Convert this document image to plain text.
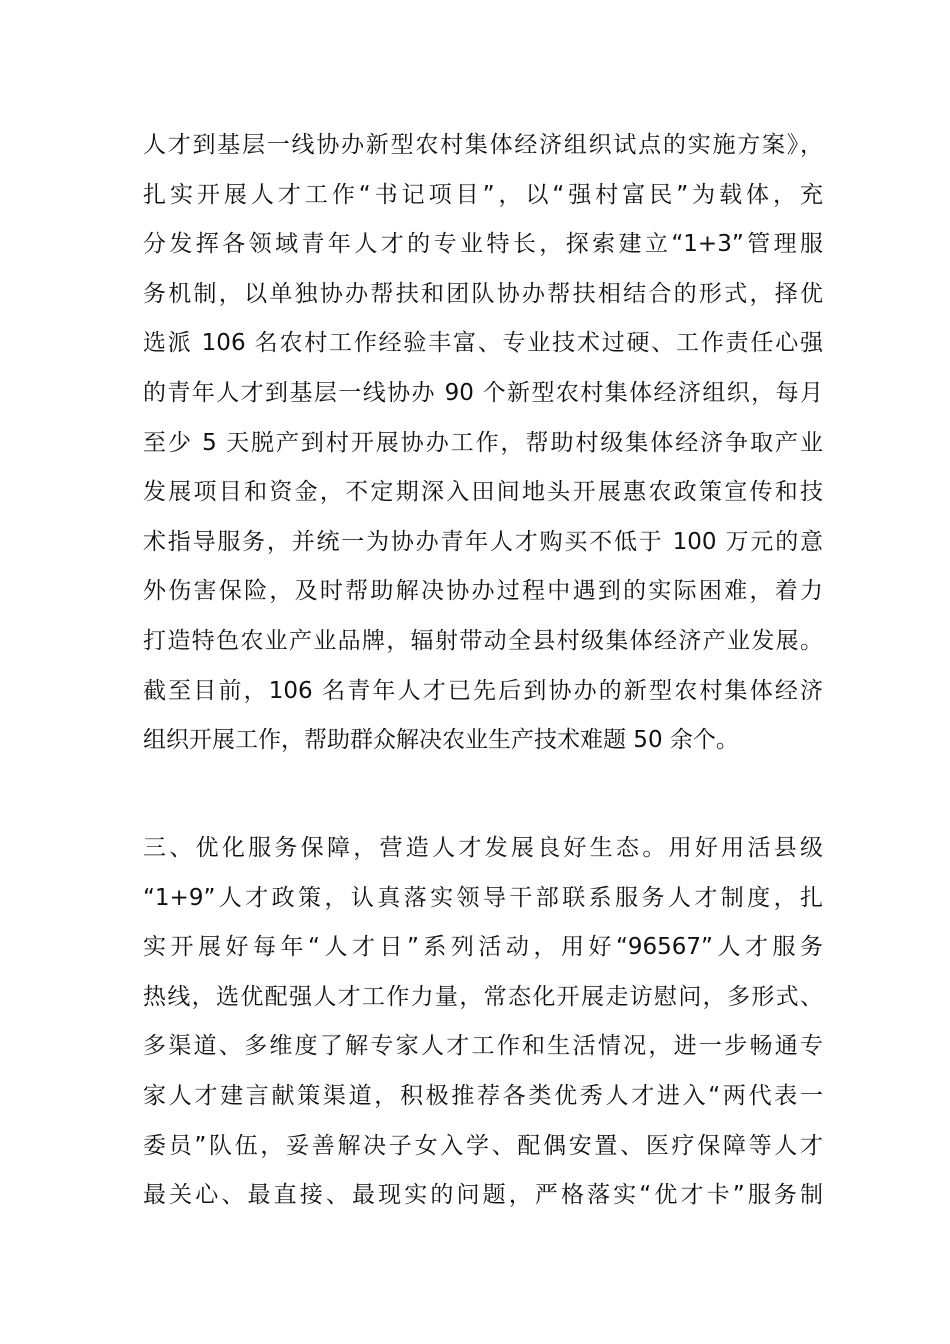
人才到基层一线协办新型农村集体经济组织试点的实施方案》，
扎实开展人才工作“书记项目”，以“强村富民”为载体，充
分发挥各领域青年人才的专业特长，探索建立“1+3”管理服
务机制，以单独协办帮扶和团队协办帮扶相结合的形式，择优
选派 106 名农村工作经验丰富、专业技术过硬、工作责任心强
的青年人才到基层一线协办 90 个新型农村集体经济组织，每月
至少 5 天脱产到村开展协办工作，帮助村级集体经济争取产业
发展项目和资金，不定期深入田间地头开展惠农政策宣传和技
术指导服务，并统一为协办青年人才购买不低于 100 万元的意
外伤害保险，及时帮助解决协办过程中遇到的实际困难，着力
打造特色农业产业品牌，辐射带动全县村级集体经济产业发展。
截至目前，106 名青年人才已先后到协办的新型农村集体经济
组织开展工作，帮助群众解决农业生产技术难题 50 余个。
三、优化服务保障，营造人才发展良好生态。用好用活县级
“1+9”人才政策，认真落实领导干部联系服务人才制度，扎
实开展好每年“人才日”系列活动，用好“96567”人才服务
热线，选优配强人才工作力量，常态化开展走访慰问，多形式、
多渠道、多维度了解专家人才工作和生活情况，进一步畅通专
家人才建言献策渠道，积极推荐各类优秀人才进入“两代表一
委员”队伍，妥善解决子女入学、配偶安置、医疗保障等人才
最关心、最直接、最现实的问题，严格落实“优才卡”服务制
